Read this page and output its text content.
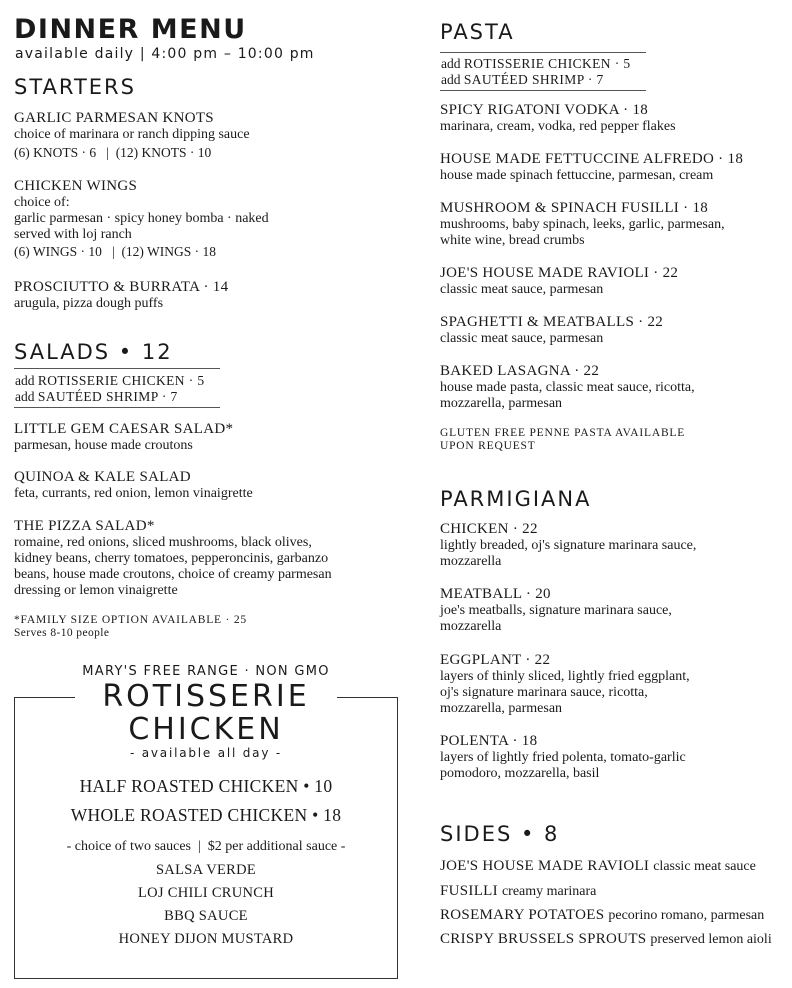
DINNER MENU
available daily | 4:00 pm – 10:00 pm
STARTERS
GARLIC PARMESAN KNOTS
choice of marinara or ranch dipping sauce
(6) KNOTS · 6   |  (12) KNOTS · 10
CHICKEN WINGS
choice of:
garlic parmesan · spicy honey bomba · naked
served with loj ranch
(6) WINGS · 10   |  (12) WINGS · 18
PROSCIUTTO & BURRATA · 14
arugula, pizza dough puffs
SALADS • 12
add ROTISSERIE CHICKEN · 5
add SAUTÉED SHRIMP · 7
LITTLE GEM CAESAR SALAD*
parmesan, house made croutons
QUINOA & KALE SALAD
feta, currants, red onion, lemon vinaigrette
THE PIZZA SALAD*
romaine, red onions, sliced mushrooms, black olives,
kidney beans, cherry tomatoes, pepperoncinis, garbanzo
beans, house made croutons, choice of creamy parmesan
dressing or lemon vinaigrette
*FAMILY SIZE OPTION AVAILABLE · 25
Serves 8-10 people
MARY'S FREE RANGE · NON GMO
ROTISSERIE
CHICKEN
- available all day -
HALF ROASTED CHICKEN • 10
WHOLE ROASTED CHICKEN • 18
- choice of two sauces  |  $2 per additional sauce -
SALSA VERDE
LOJ CHILI CRUNCH
BBQ SAUCE
HONEY DIJON MUSTARD
PASTA
add ROTISSERIE CHICKEN · 5
add SAUTÉED SHRIMP · 7
SPICY RIGATONI VODKA · 18
marinara, cream, vodka, red pepper flakes
HOUSE MADE FETTUCCINE ALFREDO · 18
house made spinach fettuccine, parmesan, cream
MUSHROOM & SPINACH FUSILLI · 18
mushrooms, baby spinach, leeks, garlic, parmesan,
white wine, bread crumbs
JOE'S HOUSE MADE RAVIOLI · 22
classic meat sauce, parmesan
SPAGHETTI & MEATBALLS · 22
classic meat sauce, parmesan
BAKED LASAGNA · 22
house made pasta, classic meat sauce, ricotta,
mozzarella, parmesan
GLUTEN FREE PENNE PASTA AVAILABLE
UPON REQUEST
PARMIGIANA
CHICKEN · 22
lightly breaded, oj's signature marinara sauce,
mozzarella
MEATBALL · 20
joe's meatballs, signature marinara sauce,
mozzarella
EGGPLANT · 22
layers of thinly sliced, lightly fried eggplant,
oj's signature marinara sauce, ricotta,
mozzarella, parmesan
POLENTA · 18
layers of lightly fried polenta, tomato-garlic
pomodoro, mozzarella, basil
SIDES • 8
JOE'S HOUSE MADE RAVIOLI classic meat sauce
FUSILLI creamy marinara
ROSEMARY POTATOES pecorino romano, parmesan
CRISPY BRUSSELS SPROUTS preserved lemon aioli
